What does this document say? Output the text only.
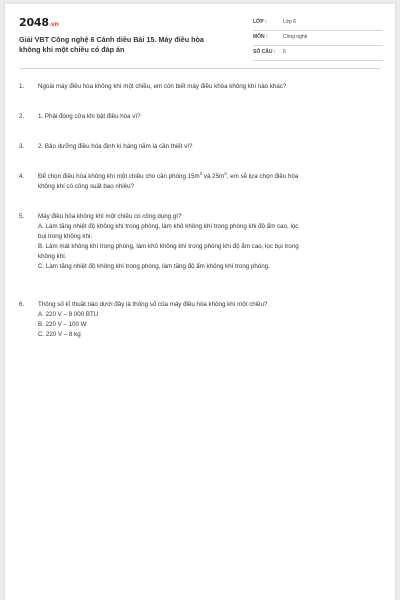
2048.vn
Giải VBT Công nghệ 6 Cánh diều Bài 15. Máy điều hòa
không khí một chiều có đáp án
LỚP :	Lớp 6
MÔN :	Công nghệ
SỐ CÂU : 6
1. Ngoài máy điều hòa không khí một chiều, em còn biết máy điều khòa không khí nào khác?
2. 1. Phải đóng cửa khi bật điều hòa vì?
3. 2. Bảo dưỡng điều hòa định kì hàng năm là cần thiết vì?
4. Để chọn điều hòa không khí một chiều cho căn phòng $15m^2$ và $25m^2$, em sẽ lựa chọn điều hòa
không khí có công suất bao nhiêu?
5. Máy điều hòa không khí một chiều có công dụng gì?
A. Làm tăng nhiệt độ không khí trong phòng, làm khô không khí trong phòng khi độ ẩm cao, lọc
bụi trong không khí.
B. Làm mát không khí trong phòng, làm khô không khí trong phòng khi độ ẩm cao, lọc bụi trong
không khí.
C. Làm tăng nhiệt độ không khí trong phòng, làm tăng độ ẩm không khí trong phòng.
6. Thông số kĩ thuật nào dưới đây là thông số của máy điều hòa không khí một chiều?
A. 220 V – 9 000 BTU
B. 220 V – 100 W
C. 220 V – 8 kg
